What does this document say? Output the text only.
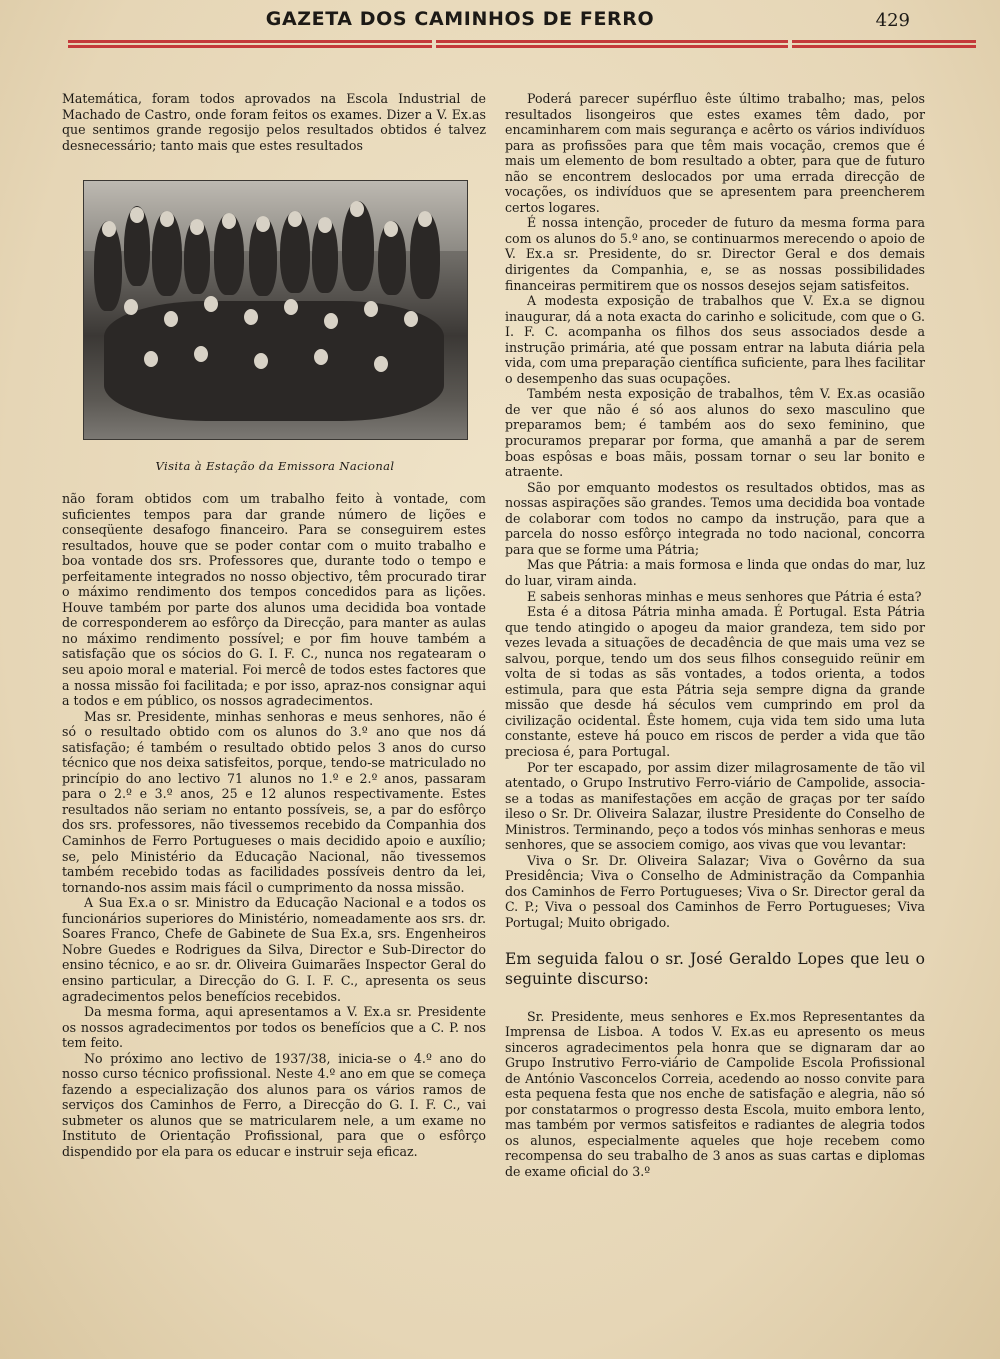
GAZETA DOS CAMINHOS DE FERRO	429

Matemática, foram todos aprovados na Escola Industrial de Machado de Castro, onde foram feitos os exames. Dizer a V. Ex.as que sentimos grande regosijo pelos resultados obtidos é talvez desnecessário; tanto mais que estes resultados

Visita à Estação da Emissora Nacional

não foram obtidos com um trabalho feito à vontade, com suficientes tempos para dar grande número de lições e conseqüente desafogo financeiro. Para se conseguirem estes resultados, houve que se poder contar com o muito trabalho e boa vontade dos srs. Professores que, durante todo o tempo e perfeitamente integrados no nosso objectivo, têm procurado tirar o máximo rendimento dos tempos concedidos para as lições. Houve também por parte dos alunos uma decidida boa vontade de corresponderem ao esfôrço da Direcção, para manter as aulas no máximo rendimento possível; e por fim houve também a satisfação que os sócios do G. I. F. C., nunca nos regatearam o seu apoio moral e material. Foi mercê de todos estes factores que a nossa missão foi facilitada; e por isso, apraz-nos consignar aqui a todos e em público, os nossos agradecimentos.

Mas sr. Presidente, minhas senhoras e meus senhores, não é só o resultado obtido com os alunos do 3.º ano que nos dá satisfação; é também o resultado obtido pelos 3 anos do curso técnico que nos deixa satisfeitos, porque, tendo-se matriculado no princípio do ano lectivo 71 alunos no 1.º e 2.º anos, passaram para o 2.º e 3.º anos, 25 e 12 alunos respectivamente. Estes resultados não seriam no entanto possíveis, se, a par do esfôrço dos srs. professores, não tivessemos recebido da Companhia dos Caminhos de Ferro Portugueses o mais decidido apoio e auxílio; se, pelo Ministério da Educação Nacional, não tivessemos também recebido todas as facilidades possíveis dentro da lei, tornando-nos assim mais fácil o cumprimento da nossa missão.

A Sua Ex.a o sr. Ministro da Educação Nacional e a todos os funcionários superiores do Ministério, nomeadamente aos srs. dr. Soares Franco, Chefe de Gabinete de Sua Ex.a, srs. Engenheiros Nobre Guedes e Rodrigues da Silva, Director e Sub-Director do ensino técnico, e ao sr. dr. Oliveira Guimarães Inspector Geral do ensino particular, a Direcção do G. I. F. C., apresenta os seus agradecimentos pelos benefícios recebidos.

Da mesma forma, aqui apresentamos a V. Ex.a sr. Presidente os nossos agradecimentos por todos os benefícios que a C. P. nos tem feito.

No próximo ano lectivo de 1937/38, inicia-se o 4.º ano do nosso curso técnico profissional. Neste 4.º ano em que se começa fazendo a especialização dos alunos para os vários ramos de serviços dos Caminhos de Ferro, a Direcção do G. I. F. C., vai submeter os alunos que se matricularem nele, a um exame no Instituto de Orientação Profissional, para que o esfôrço dispendido por ela para os educar e instruir seja eficaz.

Poderá parecer supérfluo êste último trabalho; mas, pelos resultados lisongeiros que estes exames têm dado, por encaminharem com mais segurança e acêrto os vários indivíduos para as profissões para que têm mais vocação, cremos que é mais um elemento de bom resultado a obter, para que de futuro não se encontrem deslocados por uma errada direcção de vocações, os indivíduos que se apresentem para preencherem certos logares.

É nossa intenção, proceder de futuro da mesma forma para com os alunos do 5.º ano, se continuarmos merecendo o apoio de V. Ex.a sr. Presidente, do sr. Director Geral e dos demais dirigentes da Companhia, e, se as nossas possibilidades financeiras permitirem que os nossos desejos sejam satisfeitos.

A modesta exposição de trabalhos que V. Ex.a se dignou inaugurar, dá a nota exacta do carinho e solicitude, com que o G. I. F. C. acompanha os filhos dos seus associados desde a instrução primária, até que possam entrar na labuta diária pela vida, com uma preparação científica suficiente, para lhes facilitar o desempenho das suas ocupações.

Também nesta exposição de trabalhos, têm V. Ex.as ocasião de ver que não é só aos alunos do sexo masculino que preparamos bem; é também aos do sexo feminino, que procuramos preparar por forma, que amanhã a par de serem boas espôsas e boas mãis, possam tornar o seu lar bonito e atraente.

São por emquanto modestos os resultados obtidos, mas as nossas aspirações são grandes. Temos uma decidida boa vontade de colaborar com todos no campo da instrução, para que a parcela do nosso esfôrço integrada no todo nacional, concorra para que se forme uma Pátria;

Mas que Pátria: a mais formosa e linda que ondas do mar, luz do luar, viram ainda.

E sabeis senhoras minhas e meus senhores que Pátria é esta?

Esta é a ditosa Pátria minha amada. É Portugal. Esta Pátria que tendo atingido o apogeu da maior grandeza, tem sido por vezes levada a situações de decadência de que mais uma vez se salvou, porque, tendo um dos seus filhos conseguido reünir em volta de si todas as sãs vontades, a todos orienta, a todos estimula, para que esta Pátria seja sempre digna da grande missão que desde há séculos vem cumprindo em prol da civilização ocidental. Êste homem, cuja vida tem sido uma luta constante, esteve há pouco em riscos de perder a vida que tão preciosa é, para Portugal.

Por ter escapado, por assim dizer milagrosamente de tão vil atentado, o Grupo Instrutivo Ferro-viário de Campolide, associa-se a todas as manifestações em acção de graças por ter saído ileso o Sr. Dr. Oliveira Salazar, ilustre Presidente do Conselho de Ministros. Terminando, peço a todos vós minhas senhoras e meus senhores, que se associem comigo, aos vivas que vou levantar:

Viva o Sr. Dr. Oliveira Salazar; Viva o Govêrno da sua Presidência; Viva o Conselho de Administração da Companhia dos Caminhos de Ferro Portugueses; Viva o Sr. Director geral da C. P.; Viva o pessoal dos Caminhos de Ferro Portugueses; Viva Portugal; Muito obrigado.

Em seguida falou o sr. José Geraldo Lopes que leu o seguinte discurso:

Sr. Presidente, meus senhores e Ex.mos Representantes da Imprensa de Lisboa. A todos V. Ex.as eu apresento os meus sinceros agradecimentos pela honra que se dignaram dar ao Grupo Instrutivo Ferro-viário de Campolide Escola Profissional de António Vasconcelos Correia, acedendo ao nosso convite para esta pequena festa que nos enche de satisfação e alegria, não só por constatarmos o progresso desta Escola, muito embora lento, mas também por vermos satisfeitos e radiantes de alegria todos os alunos, especialmente aqueles que hoje recebem como recompensa do seu trabalho de 3 anos as suas cartas e diplomas de exame oficial do 3.º
